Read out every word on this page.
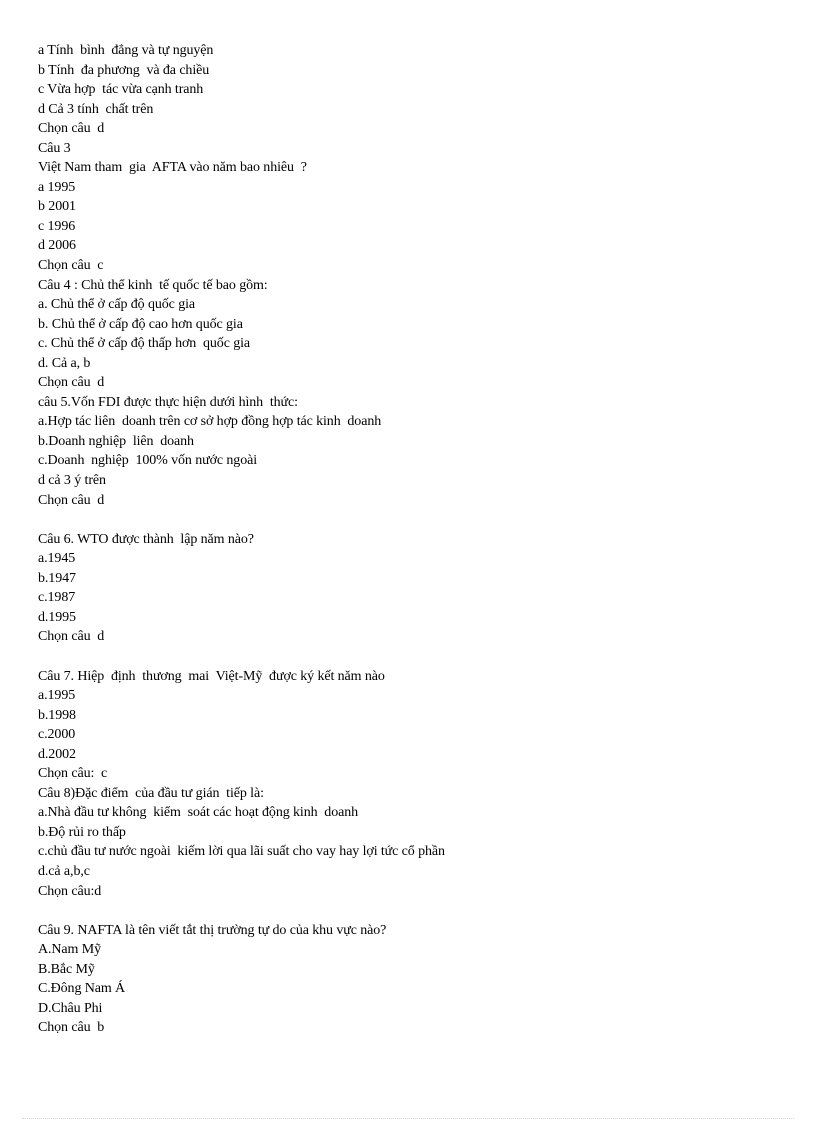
a Tính  bình  đẳng và tự nguyện
b Tính  đa phương  và đa chiều
c Vừa hợp  tác vừa cạnh tranh
d Cả 3 tính  chất trên
Chọn câu  d
Câu 3
Việt Nam tham  gia  AFTA vào năm bao nhiêu  ?
a 1995
b 2001
c 1996
d 2006
Chọn câu  c
Câu 4 : Chủ thể kinh  tế quốc tế bao gồm:
a. Chủ thể ở cấp độ quốc gia
b. Chủ thể ở cấp độ cao hơn quốc gia
c. Chủ thể ở cấp độ thấp hơn  quốc gia
d. Cả a, b
Chọn câu  d
câu 5.Vốn FDI được thực hiện dưới hình  thức:
a.Hợp tác liên  doanh trên cơ sở hợp đồng hợp tác kinh  doanh
b.Doanh nghiệp  liên  doanh
c.Doanh  nghiệp  100% vốn nước ngoài
d cả 3 ý trên
Chọn câu  d
Câu 6. WTO được thành  lập năm nào?
a.1945
b.1947
c.1987
d.1995
Chọn câu  d
Câu 7. Hiệp  định  thương  mai  Việt-Mỹ  được ký kết năm nào
a.1995
b.1998
c.2000
d.2002
Chọn câu:  c
Câu 8)Đặc điểm  của đầu tư gián  tiếp là:
a.Nhà đầu tư không  kiểm  soát các hoạt động kinh  doanh
b.Độ rủi ro thấp
c.chủ đầu tư nước ngoài  kiếm lời qua lãi suất cho vay hay lợi tức cổ phần
d.cả a,b,c
Chọn câu:d
Câu 9. NAFTA là tên viết tắt thị trường tự do của khu vực nào?
A.Nam Mỹ
B.Bắc Mỹ
C.Đông Nam Á
D.Châu Phi
Chọn câu  b
